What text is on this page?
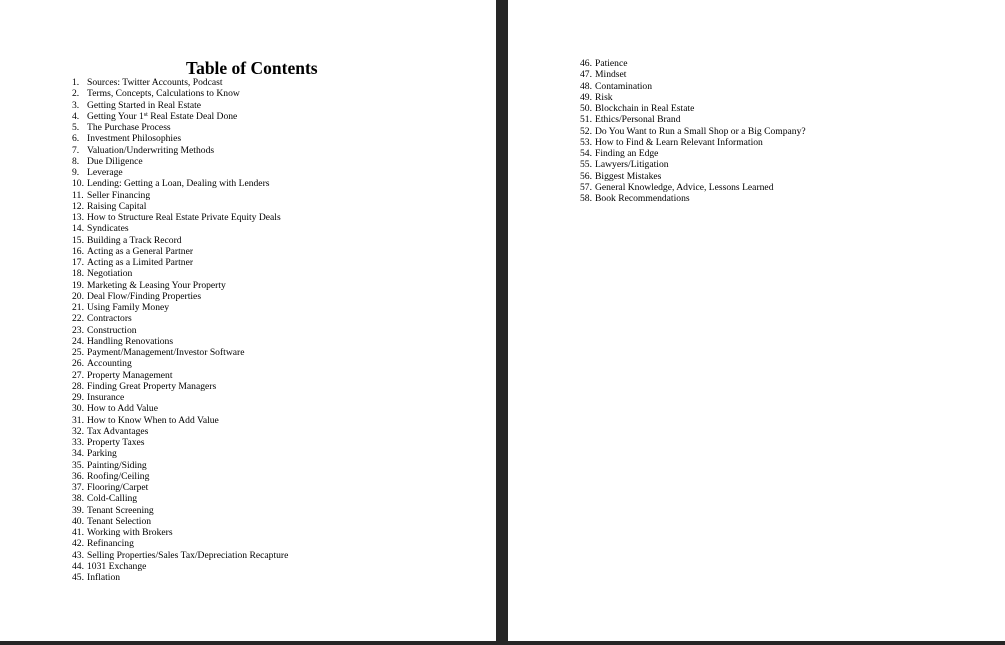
Table of Contents
1. Sources: Twitter Accounts, Podcast
2. Terms, Concepts, Calculations to Know
3. Getting Started in Real Estate
4. Getting Your 1st Real Estate Deal Done
5. The Purchase Process
6. Investment Philosophies
7. Valuation/Underwriting Methods
8. Due Diligence
9. Leverage
10. Lending: Getting a Loan, Dealing with Lenders
11. Seller Financing
12. Raising Capital
13. How to Structure Real Estate Private Equity Deals
14. Syndicates
15. Building a Track Record
16. Acting as a General Partner
17. Acting as a Limited Partner
18. Negotiation
19. Marketing & Leasing Your Property
20. Deal Flow/Finding Properties
21. Using Family Money
22. Contractors
23. Construction
24. Handling Renovations
25. Payment/Management/Investor Software
26. Accounting
27. Property Management
28. Finding Great Property Managers
29. Insurance
30. How to Add Value
31. How to Know When to Add Value
32. Tax Advantages
33. Property Taxes
34. Parking
35. Painting/Siding
36. Roofing/Ceiling
37. Flooring/Carpet
38. Cold-Calling
39. Tenant Screening
40. Tenant Selection
41. Working with Brokers
42. Refinancing
43. Selling Properties/Sales Tax/Depreciation Recapture
44. 1031 Exchange
45. Inflation
46. Patience
47. Mindset
48. Contamination
49. Risk
50. Blockchain in Real Estate
51. Ethics/Personal Brand
52. Do You Want to Run a Small Shop or a Big Company?
53. How to Find & Learn Relevant Information
54. Finding an Edge
55. Lawyers/Litigation
56. Biggest Mistakes
57. General Knowledge, Advice, Lessons Learned
58. Book Recommendations
